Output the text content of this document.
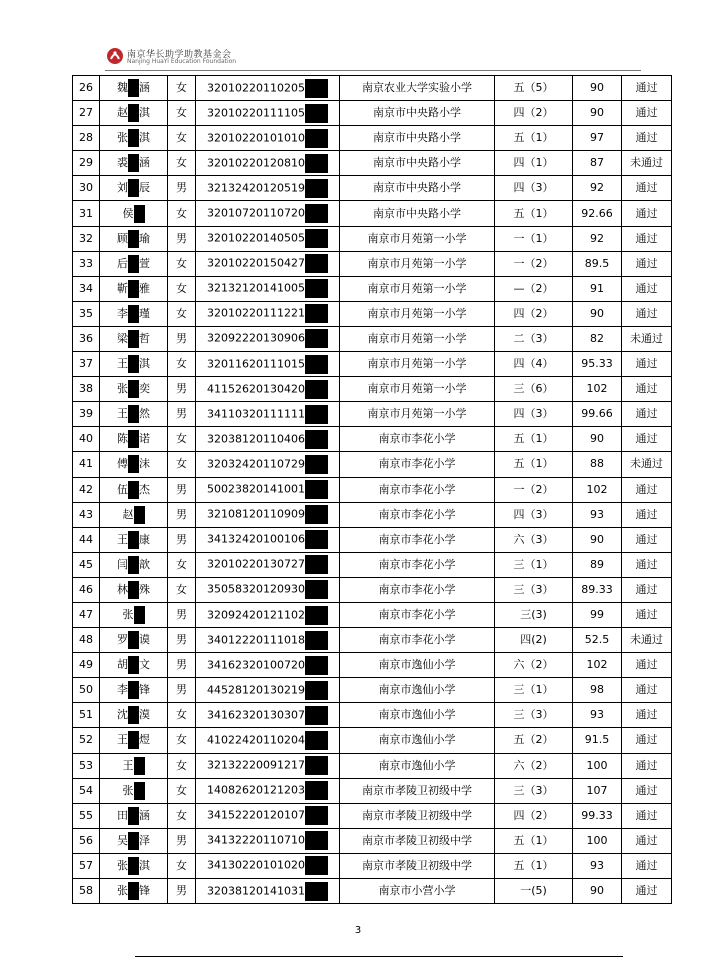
南京华长助学助教基金会
Nanjing HuaYi Education Foundation
26	魏 涵	女	32010220110205	南京农业大学实验小学	五（5）	90	通过
27	赵 淇	女	32010220111105	南京市中央路小学	四（2）	90	通过
28	张 淇	女	32010220101010	南京市中央路小学	五（1）	97	通过
29	裘 涵	女	32010220120810	南京市中央路小学	四（1）	87	未通过
30	刘 辰	男	32132420120519	南京市中央路小学	四（3）	92	通过
31	侯	女	32010720110720	南京市中央路小学	五（1）	92.66	通过
32	顾 瑜	男	32010220140505	南京市月苑第一小学	一（1）	92	通过
33	后 萱	女	32010220150427	南京市月苑第一小学	一（2）	89.5	通过
34	靳 雅	女	32132120141005	南京市月苑第一小学	—（2）	91	通过
35	李 瑾	女	32010220111221	南京市月苑第一小学	四（2）	90	通过
36	梁 哲	男	32092220130906	南京市月苑第一小学	二（3）	82	未通过
37	王 淇	女	32011620111015	南京市月苑第一小学	四（4）	95.33	通过
38	张 奕	男	41152620130420	南京市月苑第一小学	三（6）	102	通过
39	王 然	男	34110320111111	南京市月苑第一小学	四（3）	99.66	通过
40	陈 诺	女	32038120110406	南京市李花小学	五（1）	90	通过
41	傅 沫	女	32032420110729	南京市李花小学	五（1）	88	未通过
42	伍 杰	男	50023820141001	南京市李花小学	一（2）	102	通过
43	赵	男	32108120110909	南京市李花小学	四（3）	93	通过
44	王 康	男	34132420100106	南京市李花小学	六（3）	90	通过
45	闫 歆	女	32010220130727	南京市李花小学	三（1）	89	通过
46	林 殊	女	35058320120930	南京市李花小学	三（3）	89.33	通过
47	张	男	32092420121102	南京市李花小学	三(3)	99	通过
48	罗 谟	男	34012220111018	南京市李花小学	四(2)	52.5	未通过
49	胡 文	男	34162320100720	南京市逸仙小学	六（2）	102	通过
50	李 锋	男	44528120130219	南京市逸仙小学	三（1）	98	通过
51	沈 漠	女	34162320130307	南京市逸仙小学	三（3）	93	通过
52	王 煜	女	41022420110204	南京市逸仙小学	五（2）	91.5	通过
53	王	女	32132220091217	南京市逸仙小学	六（2）	100	通过
54	张	女	14082620121203	南京市孝陵卫初级中学	三（3）	107	通过
55	田 涵	女	34152220120107	南京市孝陵卫初级中学	四（2）	99.33	通过
56	吴 泽	男	34132220110710	南京市孝陵卫初级中学	五（1）	100	通过
57	张 淇	女	34130220101020	南京市孝陵卫初级中学	五（1）	93	通过
58	张 锋	男	32038120141031	南京市小营小学	一(5)	90	通过
3
